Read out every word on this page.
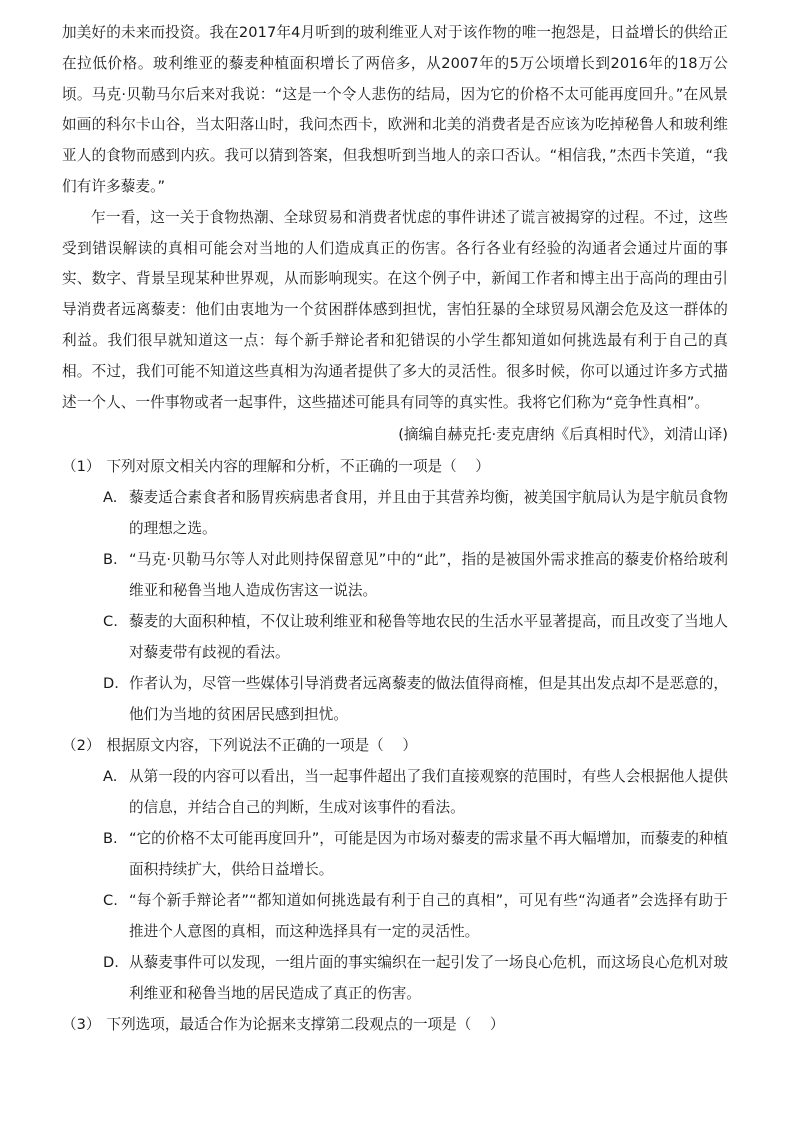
加美好的未来而投资。我在2017年4月听到的玻利维亚人对于该作物的唯一抱怨是，日益增长的供给正在拉低价格。玻利维亚的藜麦种植面积增长了两倍多，从2007年的5万公顷增长到2016年的18万公顷。马克·贝勒马尔后来对我说：“这是一个令人悲伤的结局，因为它的价格不太可能再度回升。”在风景如画的科尔卡山谷，当太阳落山时，我问杰西卡，欧洲和北美的消费者是否应该为吃掉秘鲁人和玻利维亚人的食物而感到内疚。我可以猜到答案，但我想听到当地人的亲口否认。“相信我，”杰西卡笑道，“我们有许多藜麦。”

乍一看，这一关于食物热潮、全球贸易和消费者忧虑的事件讲述了谎言被揭穿的过程。不过，这些受到错误解读的真相可能会对当地的人们造成真正的伤害。各行各业有经验的沟通者会通过片面的事实、数字、背景呈现某种世界观，从而影响现实。在这个例子中，新闻工作者和博主出于高尚的理由引导消费者远离藜麦：他们由衷地为一个贫困群体感到担忧，害怕狂暴的全球贸易风潮会危及这一群体的利益。我们很早就知道这一点：每个新手辩论者和犯错误的小学生都知道如何挑选最有利于自己的真相。不过，我们可能不知道这些真相为沟通者提供了多大的灵活性。很多时候，你可以通过许多方式描述一个人、一件事物或者一起事件，这些描述可能具有同等的真实性。我将它们称为“竞争性真相”。

(摘编自赫克托·麦克唐纳《后真相时代》，刘清山译)

（1） 下列对原文相关内容的理解和分析，不正确的一项是（    ）

A. 藜麦适合素食者和肠胃疾病患者食用，并且由于其营养均衡，被美国宇航局认为是宇航员食物的理想之选。

B. “马克·贝勒马尔等人对此则持保留意见”中的“此”，指的是被国外需求推高的藜麦价格给玻利维亚和秘鲁当地人造成伤害这一说法。

C. 藜麦的大面积种植，不仅让玻利维亚和秘鲁等地农民的生活水平显著提高，而且改变了当地人对藜麦带有歧视的看法。

D. 作者认为，尽管一些媒体引导消费者远离藜麦的做法值得商榷，但是其出发点却不是恶意的，他们为当地的贫困居民感到担忧。

（2） 根据原文内容，下列说法不正确的一项是（    ）

A. 从第一段的内容可以看出，当一起事件超出了我们直接观察的范围时，有些人会根据他人提供的信息，并结合自己的判断，生成对该事件的看法。

B. “它的价格不太可能再度回升”，可能是因为市场对藜麦的需求量不再大幅增加，而藜麦的种植面积持续扩大，供给日益增长。

C. “每个新手辩论者”“都知道如何挑选最有利于自己的真相”，可见有些“沟通者”会选择有助于推进个人意图的真相，而这种选择具有一定的灵活性。

D. 从藜麦事件可以发现，一组片面的事实编织在一起引发了一场良心危机，而这场良心危机对玻利维亚和秘鲁当地的居民造成了真正的伤害。

（3） 下列选项，最适合作为论据来支撑第二段观点的一项是（    ）
